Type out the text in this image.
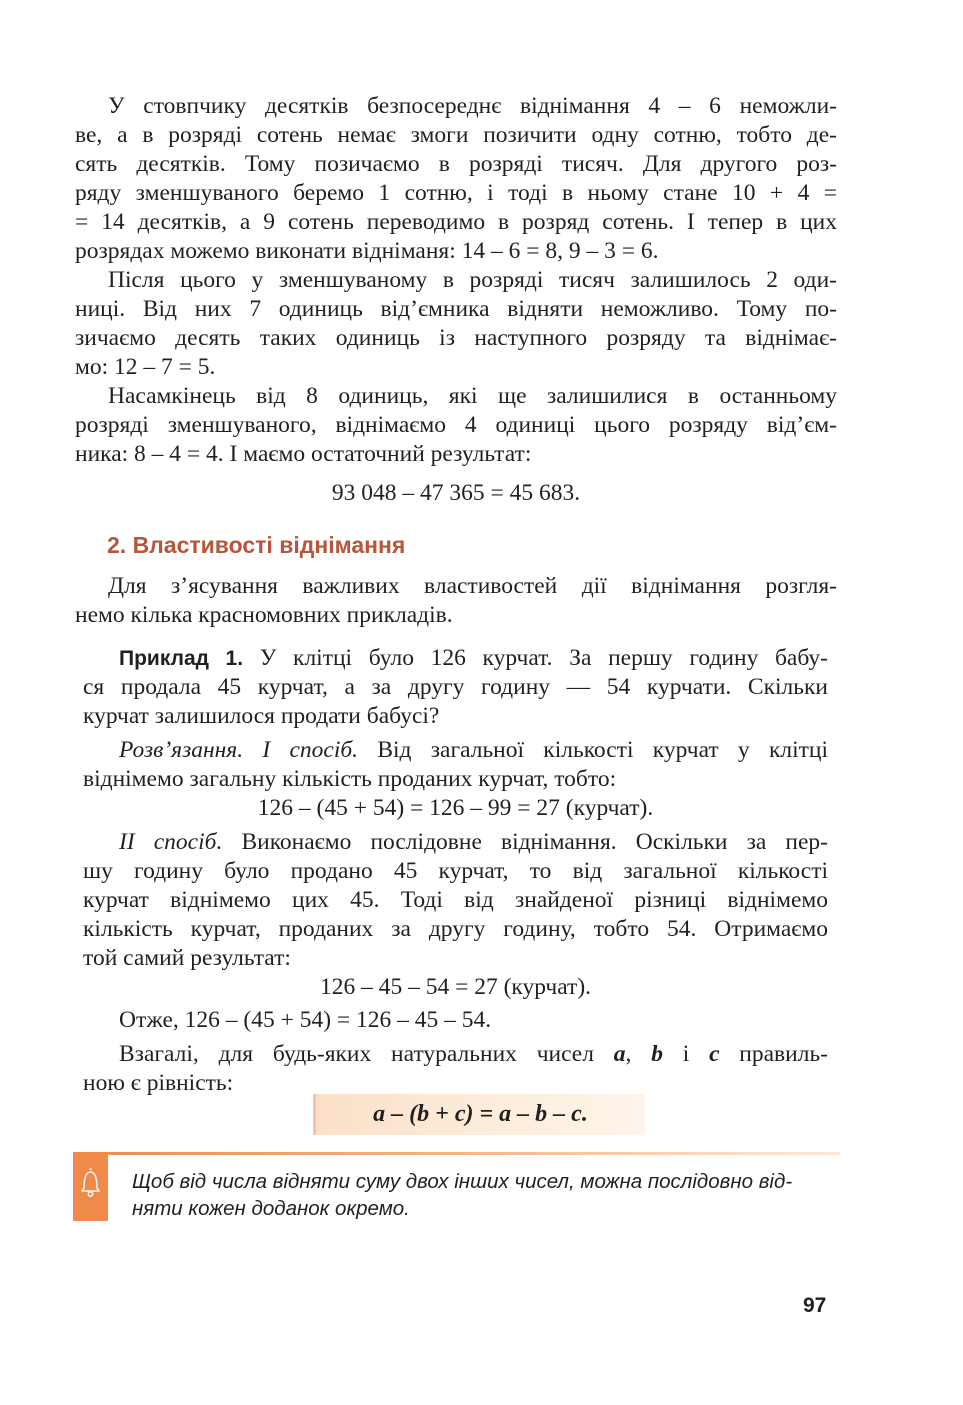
У стовпчику десятків безпосереднє віднімання 4 – 6 неможли-
ве, а в розряді сотень немає змоги позичити одну сотню, тобто де-
сять десятків. Тому позичаємо в розряді тисяч. Для другого роз-
ряду зменшуваного беремо 1 сотню, і тоді в ньому стане 10 + 4 =
= 14 десятків, а 9 сотень переводимо в розряд сотень. І тепер в цих
розрядах можемо виконати відніманя: 14 – 6 = 8, 9 – 3 = 6.
Після цього у зменшуваному в розряді тисяч залишилось 2 оди-
ниці. Від них 7 одиниць від’ємника відняти неможливо. Тому по-
зичаємо десять таких одиниць із наступного розряду та віднімає-
мо: 12 – 7 = 5.
Насамкінець від 8 одиниць, які ще залишилися в останньому
розряді зменшуваного, віднімаємо 4 одиниці цього розряду від’єм-
ника: 8 – 4 = 4. І маємо остаточний результат:
93 048 – 47 365 = 45 683.
2. Властивості віднімання
Для з’ясування важливих властивостей дії віднімання розгля-
немо кілька красномовних прикладів.
Приклад 1. У клітці було 126 курчат. За першу годину бабу-
ся продала 45 курчат, а за другу годину — 54 курчати. Скільки
курчат залишилося продати бабусі?
Розв’язання. І спосіб. Від загальної кількості курчат у клітці
віднімемо загальну кількість проданих курчат, тобто:
126 – (45 + 54) = 126 – 99 = 27 (курчат).
ІІ спосіб. Виконаємо послідовне віднімання. Оскільки за пер-
шу годину було продано 45 курчат, то від загальної кількості
курчат віднімемо цих 45. Тоді від знайденої різниці віднімемо
кількість курчат, проданих за другу годину, тобто 54. Отримаємо
той самий результат:
126 – 45 – 54 = 27 (курчат).
Отже, 126 – (45 + 54) = 126 – 45 – 54.
Взагалі, для будь-яких натуральних чисел a, b і c правиль-
ною є рівність:
a – (b + c) = a – b – c.
Щоб від числа відняти суму двох інших чисел, можна послідовно від-
няти кожен доданок окремо.
97
